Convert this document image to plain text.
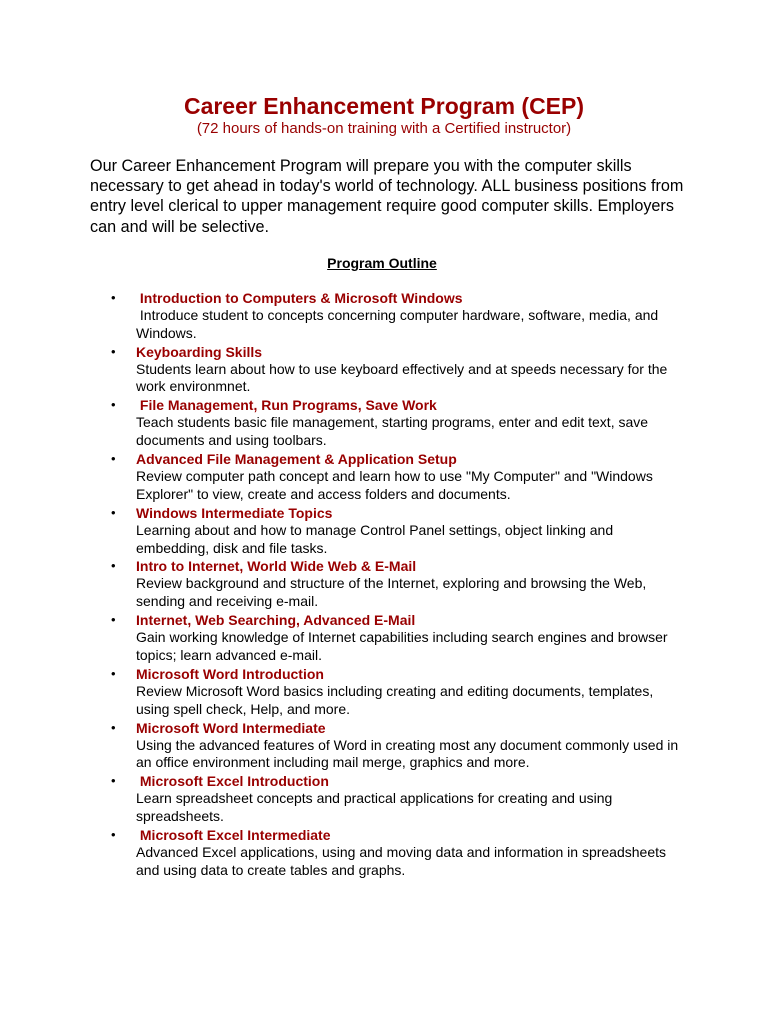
Career Enhancement Program (CEP)

(72 hours of hands-on training with a Certified instructor)

Our Career Enhancement Program will prepare you with the computer skills necessary to get ahead in today's world of technology. ALL business positions from entry level clerical to upper management require good computer skills. Employers can and will be selective.

Program Outline

• Introduction to Computers & Microsoft Windows
Introduce student to concepts concerning computer hardware, software, media, and Windows.
• Keyboarding Skills
Students learn about how to use keyboard effectively and at speeds necessary for the work environmnet.
• File Management, Run Programs, Save Work
Teach students basic file management, starting programs, enter and edit text, save documents and using toolbars.
• Advanced File Management & Application Setup
Review computer path concept and learn how to use "My Computer" and "Windows Explorer" to view, create and access folders and documents.
• Windows Intermediate Topics
Learning about and how to manage Control Panel settings, object linking and embedding, disk and file tasks.
• Intro to Internet, World Wide Web & E-Mail
Review background and structure of the Internet, exploring and browsing the Web, sending and receiving e-mail.
• Internet, Web Searching, Advanced E-Mail
Gain working knowledge of Internet capabilities including search engines and browser topics; learn advanced e-mail.
• Microsoft Word Introduction
Review Microsoft Word basics including creating and editing documents, templates, using spell check, Help, and more.
• Microsoft Word Intermediate
Using the advanced features of Word in creating most any document commonly used in an office environment including mail merge, graphics and more.
• Microsoft Excel Introduction
Learn spreadsheet concepts and practical applications for creating and using spreadsheets.
• Microsoft Excel Intermediate
Advanced Excel applications, using and moving data and information in spreadsheets and using data to create tables and graphs.
